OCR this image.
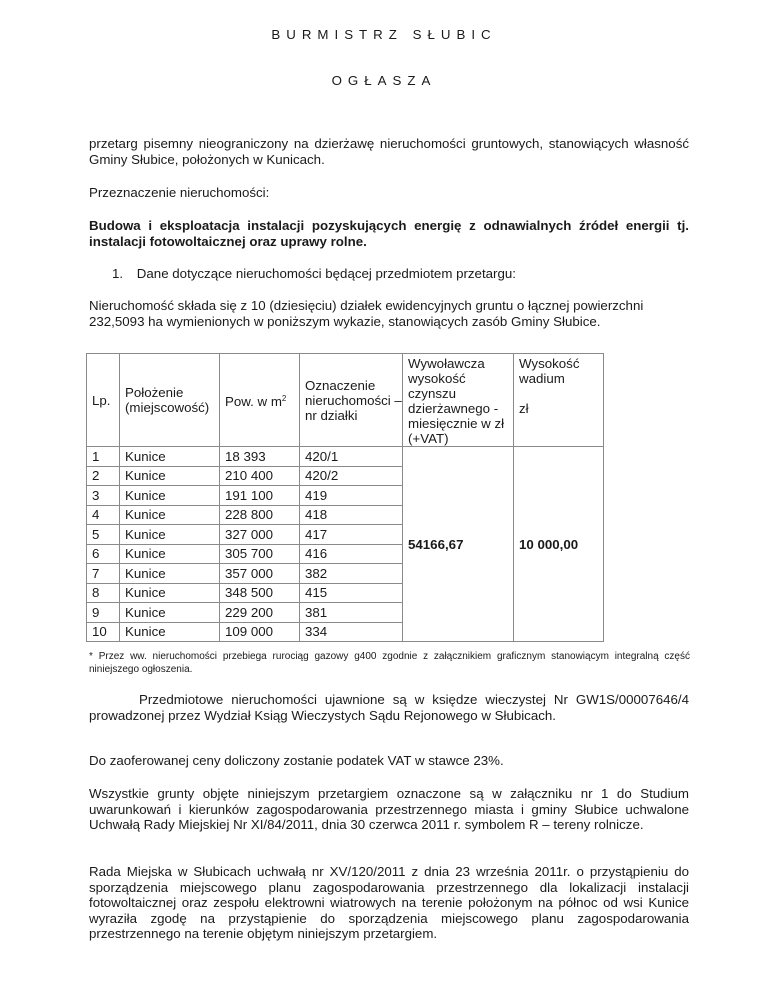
BURMISTRZ SŁUBIC
OGŁASZA
przetarg pisemny nieograniczony na dzierżawę nieruchomości gruntowych, stanowiących własność Gminy Słubice, położonych w Kunicach.
Przeznaczenie nieruchomości:
Budowa i eksploatacja instalacji pozyskujących energię z odnawialnych źródeł energii tj. instalacji fotowoltaicznej oraz uprawy rolne.
1. Dane dotyczące nieruchomości będącej przedmiotem przetargu:
Nieruchomość składa się z 10 (dziesięciu) działek ewidencyjnych gruntu o łącznej powierzchni 232,5093 ha wymienionych w poniższym wykazie, stanowiących zasób Gminy Słubice.
Lp.	Położenie (miejscowość)	Pow. w $m^2$	Oznaczenie nieruchomości – nr działki	Wywoławcza wysokość czynszu dzierżawnego - miesięcznie w zł (+VAT)	Wysokość wadium
zł

1	Kunice	18 393	420/1	54166,67	10 000,00
2	Kunice	210 400	420/2		
3	Kunice	191 100	419		
4	Kunice	228 800	418		
5	Kunice	327 000	417		
6	Kunice	305 700	416		
7	Kunice	357 000	382		
8	Kunice	348 500	415		
9	Kunice	229 200	381		
10	Kunice	109 000	334		
* Przez ww. nieruchomości przebiega rurociąg gazowy g400 zgodnie z załącznikiem graficznym stanowiącym integralną część niniejszego ogłoszenia.
Przedmiotowe nieruchomości ujawnione są w księdze wieczystej Nr GW1S/00007646/4 prowadzonej przez Wydział Ksiąg Wieczystych Sądu Rejonowego w Słubicach.
Do zaoferowanej ceny doliczony zostanie podatek VAT w stawce 23%.
Wszystkie grunty objęte niniejszym przetargiem oznaczone są w załączniku nr 1 do Studium uwarunkowań i kierunków zagospodarowania przestrzennego miasta i gminy Słubice uchwalone Uchwałą Rady Miejskiej Nr XI/84/2011, dnia 30 czerwca 2011 r. symbolem R – tereny rolnicze.
Rada Miejska w Słubicach uchwałą nr XV/120/2011 z dnia 23 września 2011r. o przystąpieniu do sporządzenia miejscowego planu zagospodarowania przestrzennego dla lokalizacji instalacji fotowoltaicznej oraz zespołu elektrowni wiatrowych na terenie położonym na północ od wsi Kunice wyraziła zgodę na przystąpienie do sporządzenia miejscowego planu zagospodarowania przestrzennego na terenie objętym niniejszym przetargiem.
